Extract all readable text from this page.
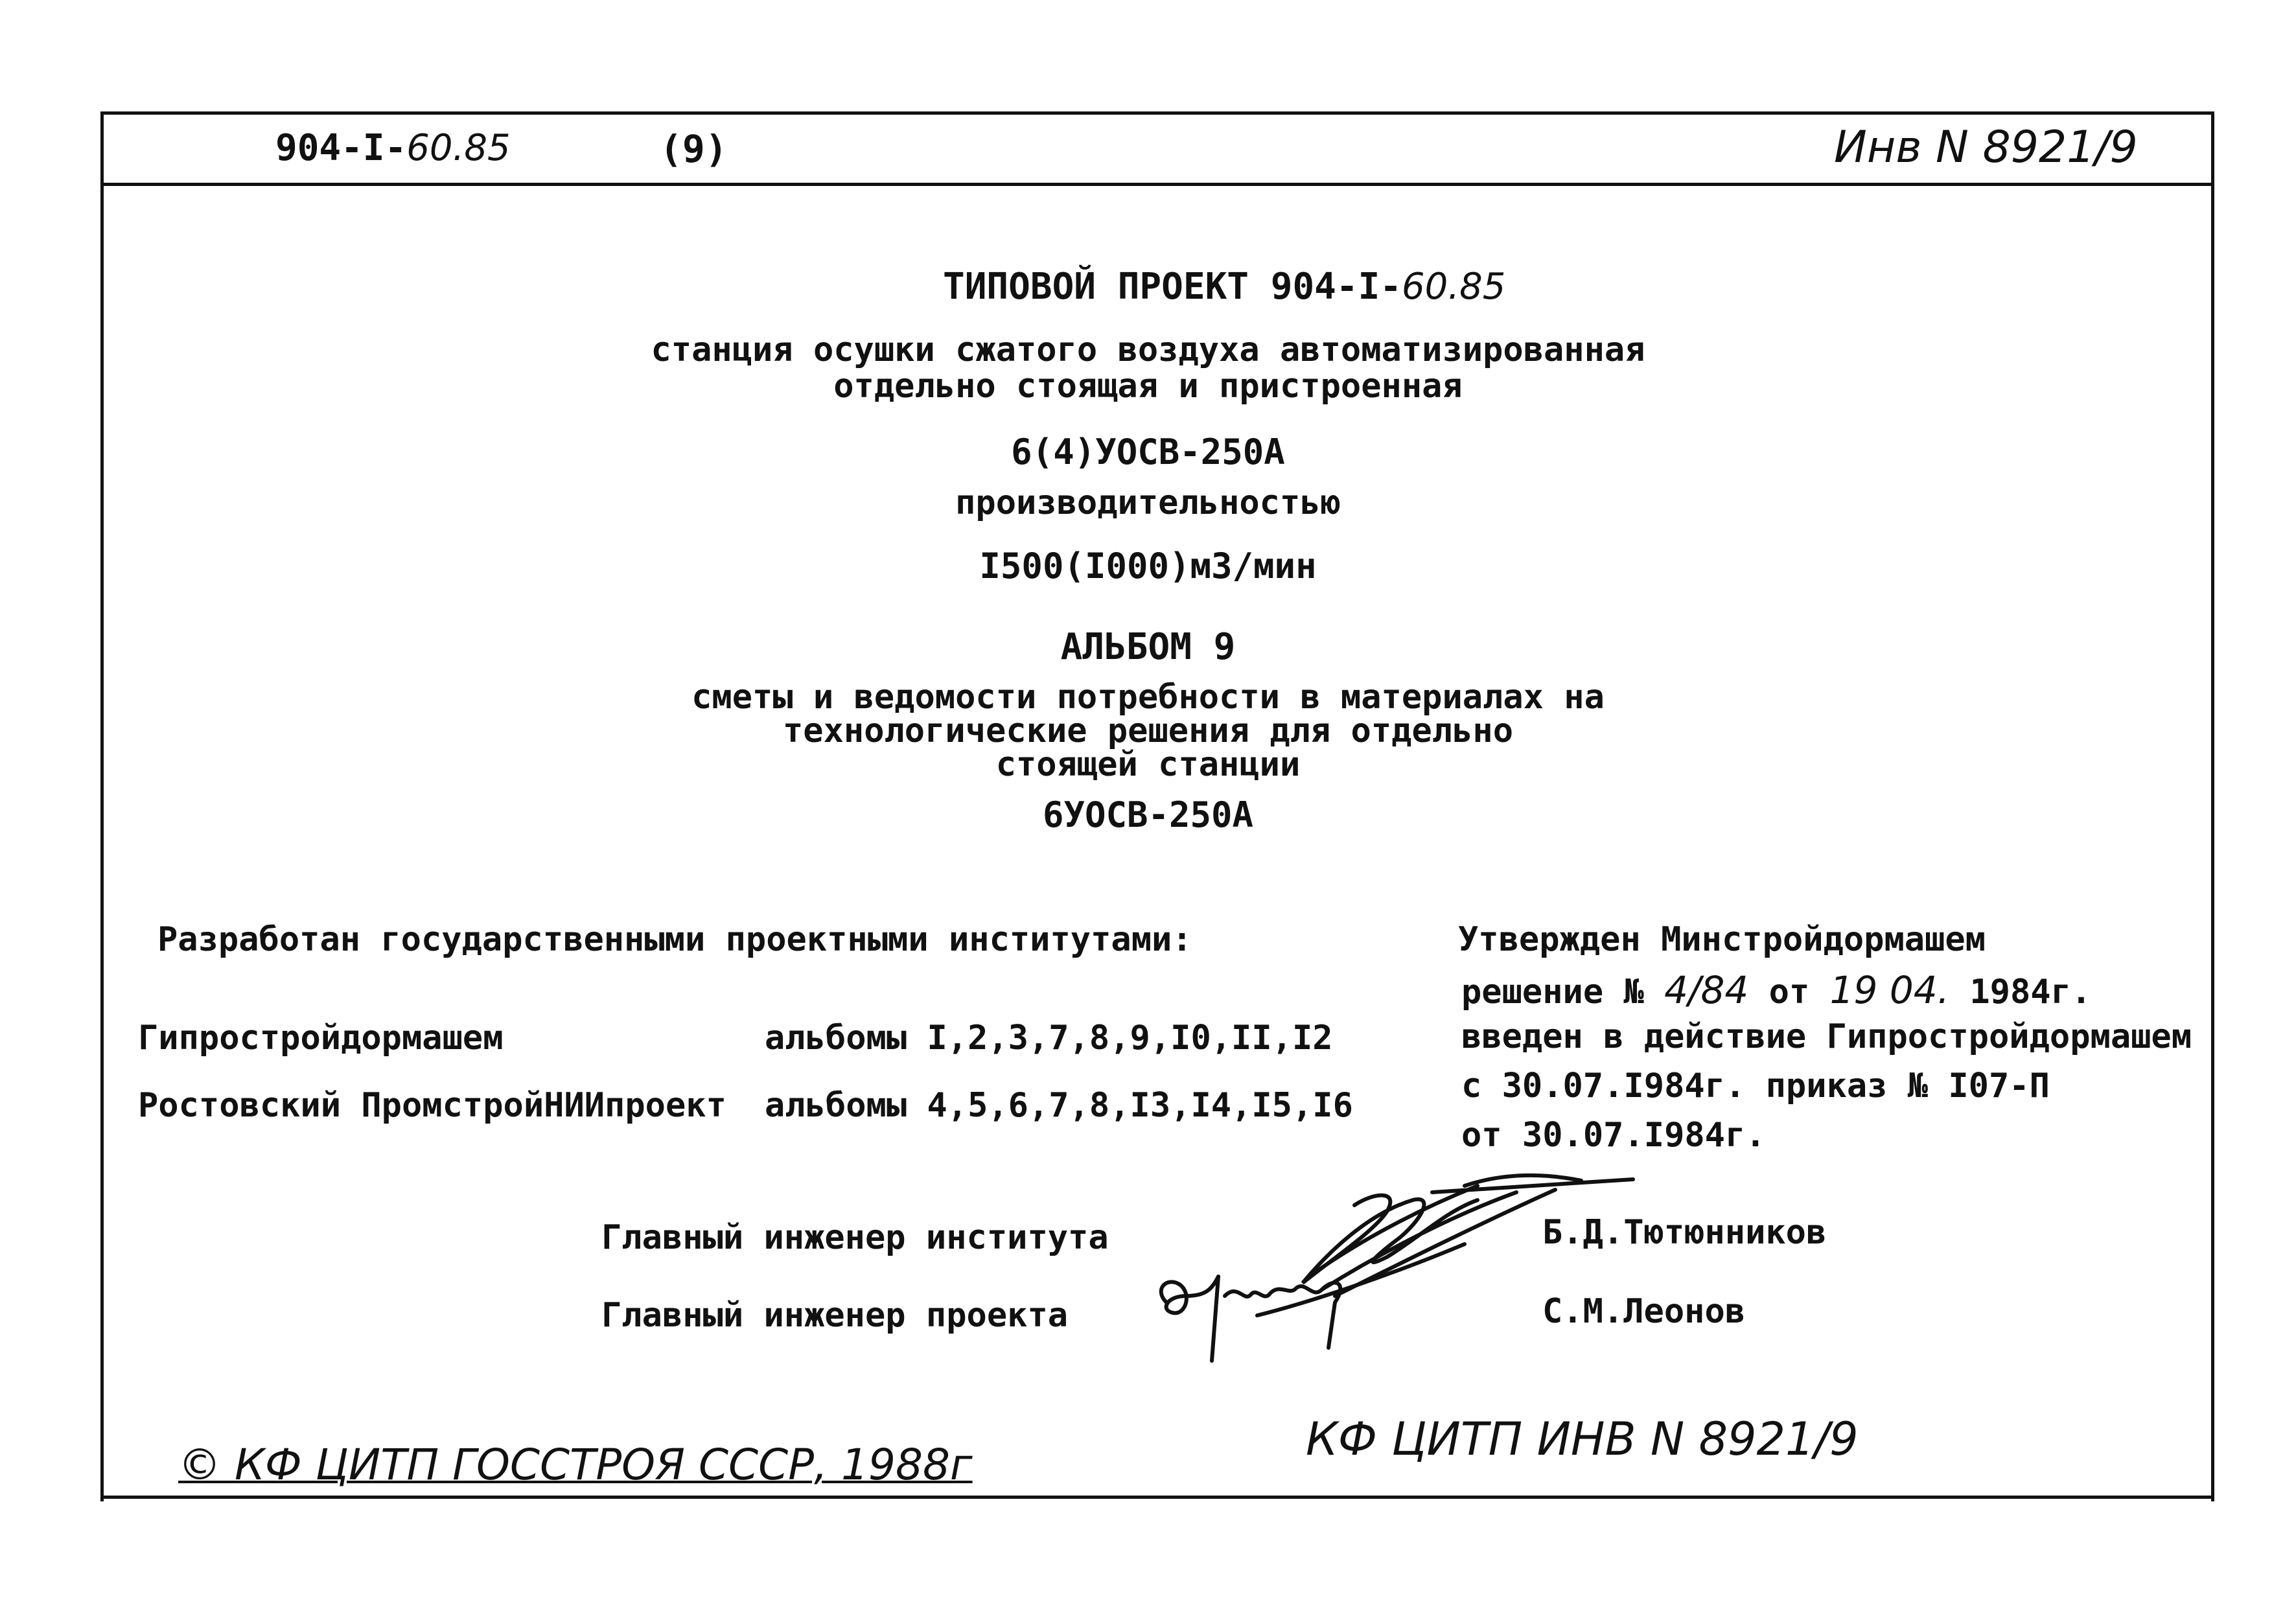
904-I-60.85	(9)	Инв N 8921/9
ТИПОВОЙ ПРОЕКТ 904-I-60.85
станция осушки сжатого воздуха автоматизированная
отдельно стоящая и пристроенная
6(4)УОСВ-250А
производительностью
I500(I000)м3/мин
АЛЬБОМ 9
сметы и ведомости потребности в материалах на
технологические решения для отдельно
стоящей станции
6УОСВ-250А
Разработан государственными проектными институтами:
Гипростройдормашем	альбомы I,2,3,7,8,9,I0,II,I2
Ростовский ПромстройНИИпроект альбомы 4,5,6,7,8,I3,I4,I5,I6
Утвержден Минстройдормашем
решение № 4/84 от 19 04. 1984г.
введен в действие Гипростройдормашем
с 30.07.I984г. приказ № I07-П
от 30.07.I984г.
Главный инженер института	Б.Д.Тютюнников
Главный инженер проекта	С.М.Леонов
© КФ ЦИТП ГОССТРОЯ СССР, 1988г	КФ ЦИТП ИНВ N 8921/9
